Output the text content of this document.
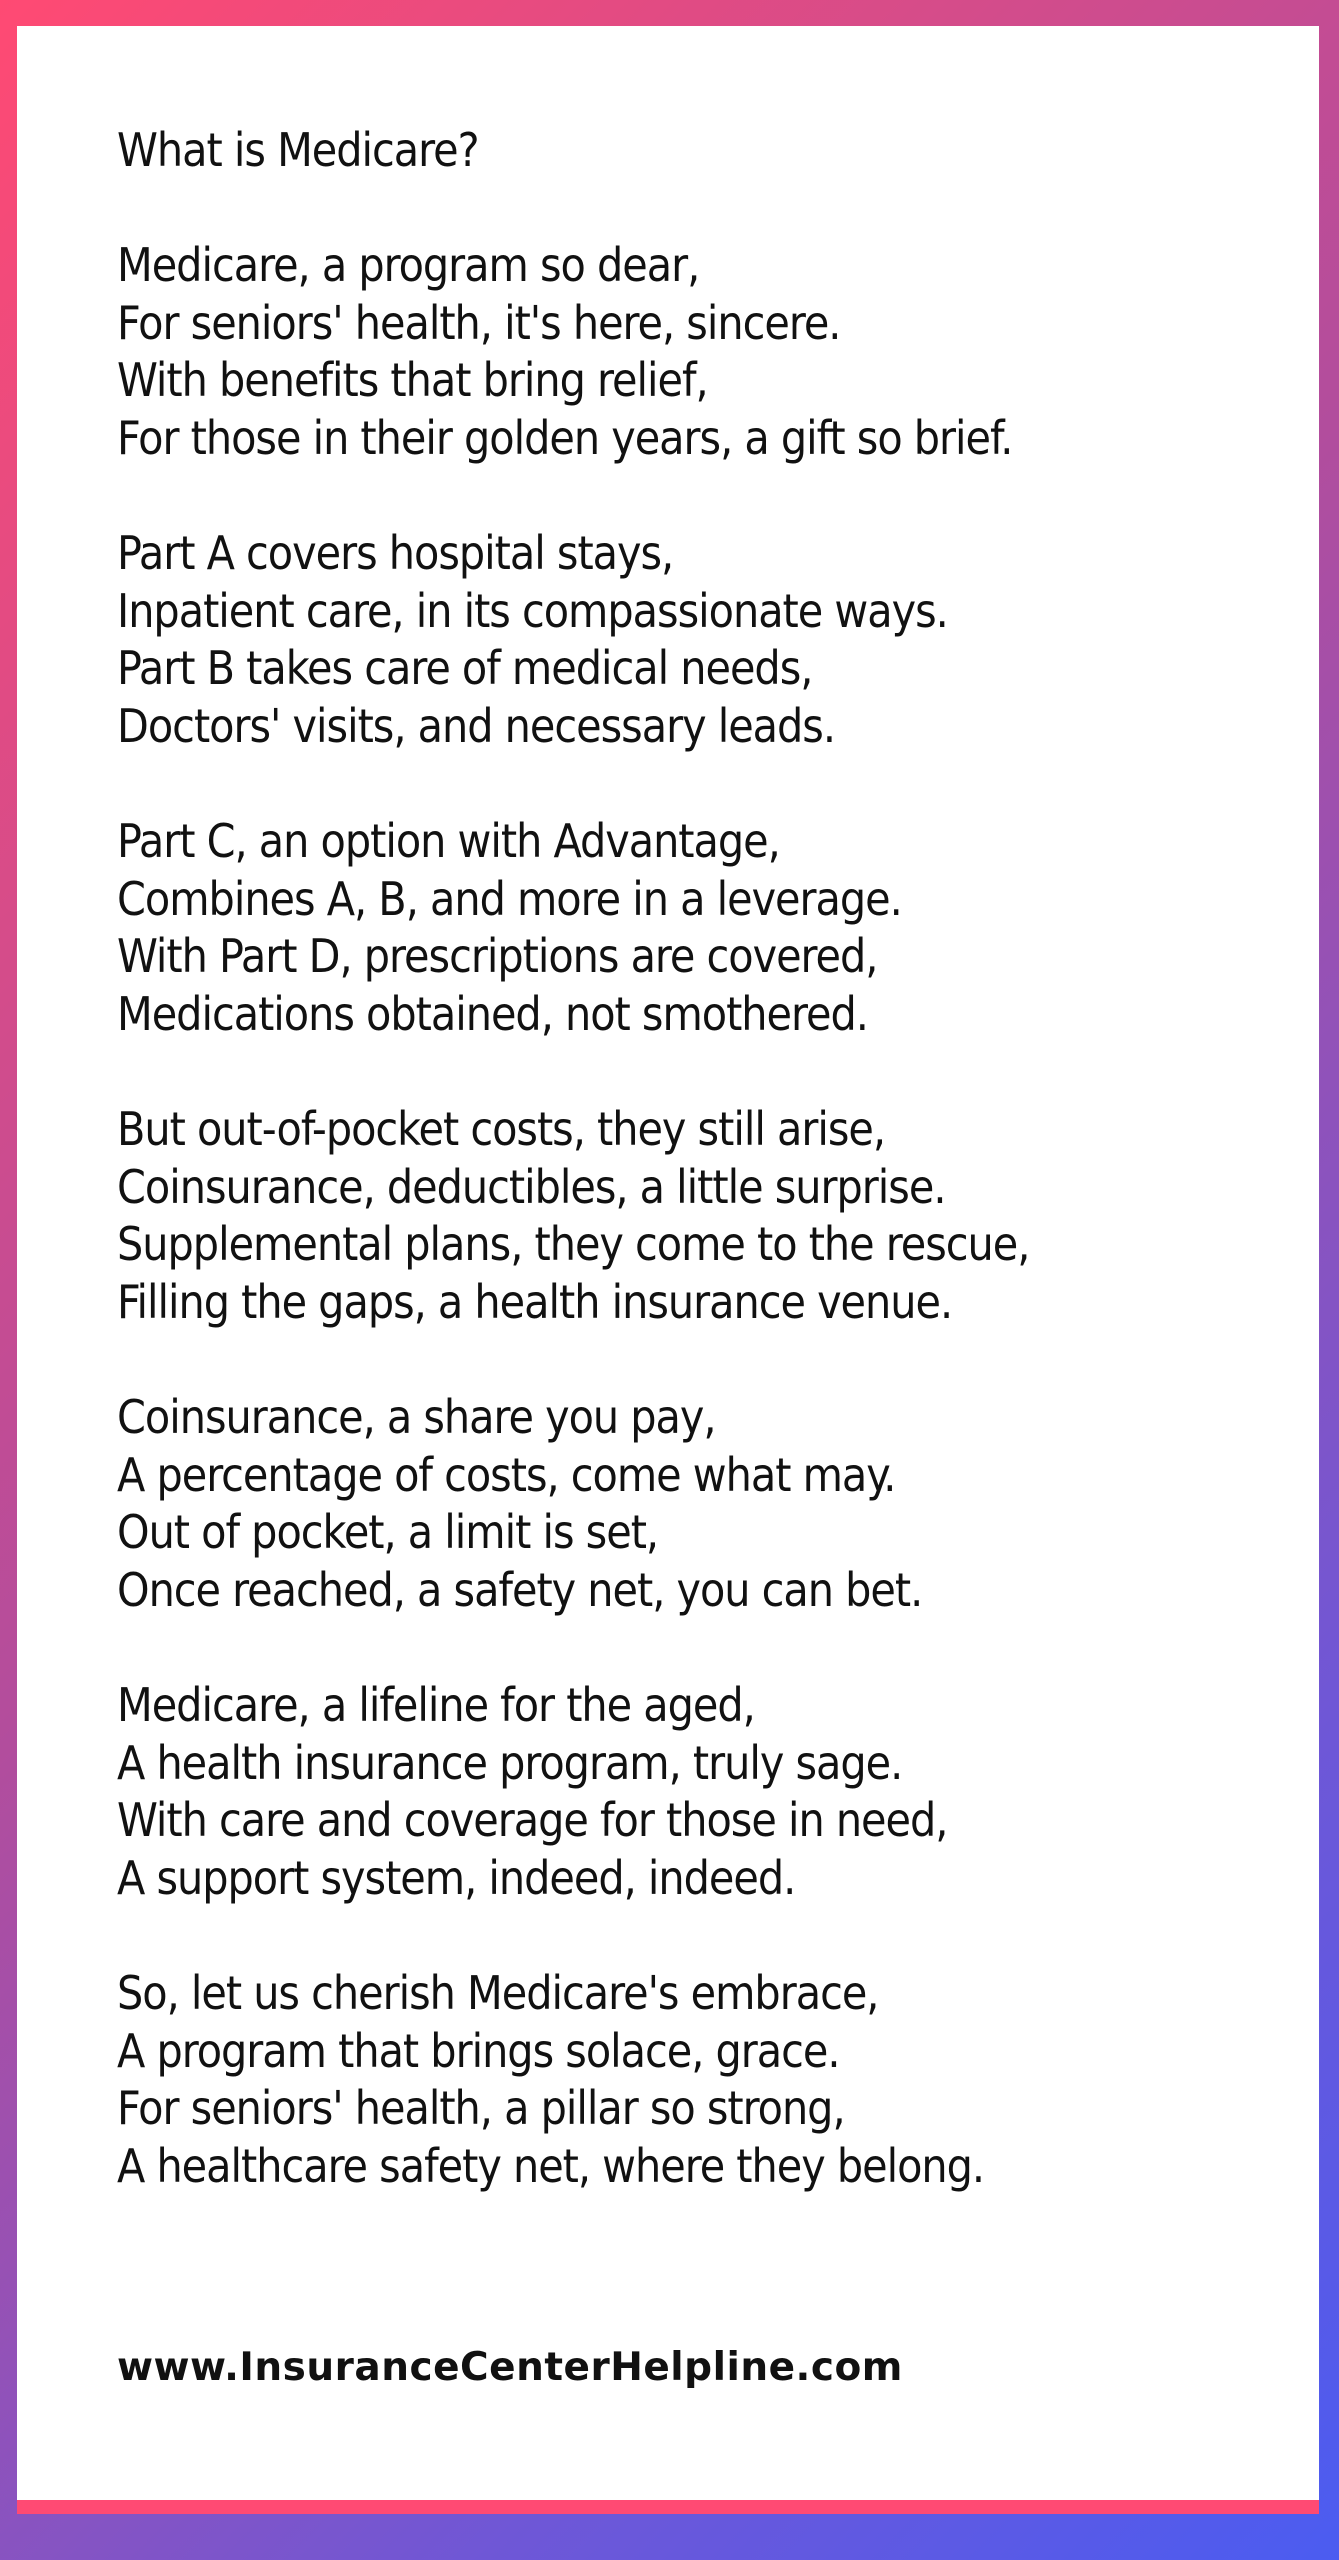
What is Medicare?
Medicare, a program so dear,
For seniors' health, it's here, sincere.
With benefits that bring relief,
For those in their golden years, a gift so brief.
Part A covers hospital stays,
Inpatient care, in its compassionate ways.
Part B takes care of medical needs,
Doctors' visits, and necessary leads.
Part C, an option with Advantage,
Combines A, B, and more in a leverage.
With Part D, prescriptions are covered,
Medications obtained, not smothered.
But out-of-pocket costs, they still arise,
Coinsurance, deductibles, a little surprise.
Supplemental plans, they come to the rescue,
Filling the gaps, a health insurance venue.
Coinsurance, a share you pay,
A percentage of costs, come what may.
Out of pocket, a limit is set,
Once reached, a safety net, you can bet.
Medicare, a lifeline for the aged,
A health insurance program, truly sage.
With care and coverage for those in need,
A support system, indeed, indeed.
So, let us cherish Medicare's embrace,
A program that brings solace, grace.
For seniors' health, a pillar so strong,
A healthcare safety net, where they belong.
www.InsuranceCenterHelpline.com
